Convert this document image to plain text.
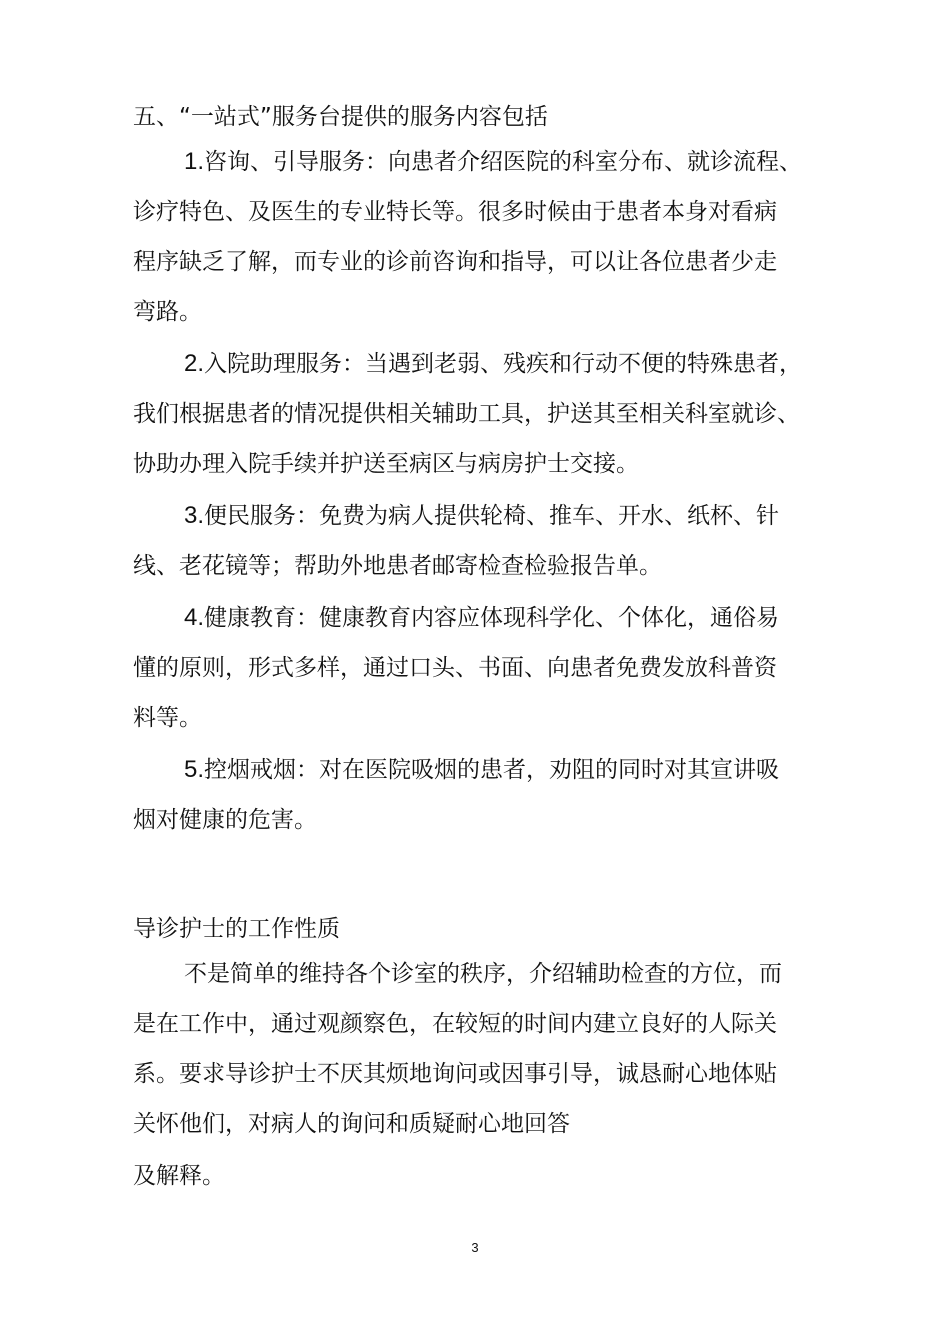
五、“一站式”服务台提供的服务内容包括
1.咨询、引导服务：向患者介绍医院的科室分布、就诊流程、
诊疗特色、及医生的专业特长等。很多时候由于患者本身对看病
程序缺乏了解，而专业的诊前咨询和指导，可以让各位患者少走
弯路。
2.入院助理服务：当遇到老弱、残疾和行动不便的特殊患者，
我们根据患者的情况提供相关辅助工具，护送其至相关科室就诊、
协助办理入院手续并护送至病区与病房护士交接。
3.便民服务：免费为病人提供轮椅、推车、开水、纸杯、针
线、老花镜等；帮助外地患者邮寄检查检验报告单。
4.健康教育：健康教育内容应体现科学化、个体化，通俗易
懂的原则，形式多样，通过口头、书面、向患者免费发放科普资
料等。
5.控烟戒烟：对在医院吸烟的患者，劝阻的同时对其宣讲吸
烟对健康的危害。
导诊护士的工作性质
不是简单的维持各个诊室的秩序，介绍辅助检查的方位，而
是在工作中，通过观颜察色，在较短的时间内建立良好的人际关
系。要求导诊护士不厌其烦地询问或因事引导，诚恳耐心地体贴
关怀他们，对病人的询问和质疑耐心地回答
及解释。
3
